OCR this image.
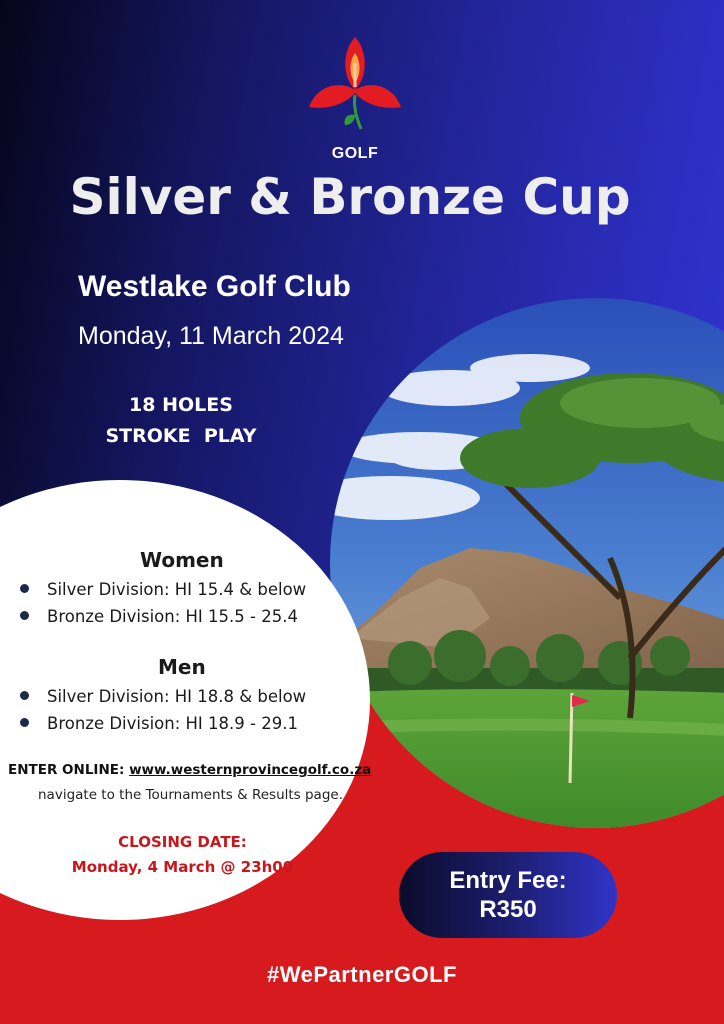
GOLF
Silver & Bronze Cup
Westlake Golf Club
Monday, 11 March 2024
18 HOLES
STROKE  PLAY
Women
Silver Division: HI 15.4 & below
Bronze Division: HI 15.5 - 25.4
Men
Silver Division: HI 18.8 & below
Bronze Division: HI 18.9 - 29.1
ENTER ONLINE: www.westernprovincegolf.co.za
navigate to the Tournaments & Results page.
CLOSING DATE:
Monday, 4 March @ 23h00	Entry Fee:
R350
#WePartnerGOLF
